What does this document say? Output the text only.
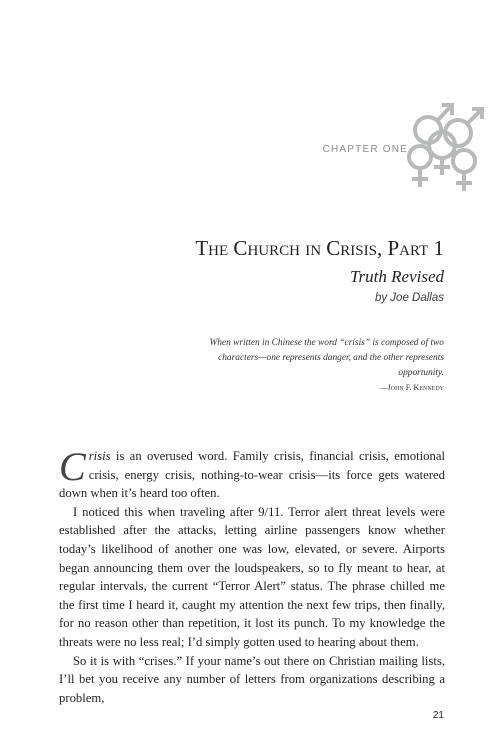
CHAPTER ONE
The Church in Crisis, Part 1
Truth Revised
by Joe Dallas
When written in Chinese the word “crisis” is composed of two characters—one represents danger, and the other represents opportunity.
—John F. Kennedy

Crisis is an overused word. Family crisis, financial crisis, emotional crisis, energy crisis, nothing-to-wear crisis—its force gets watered down when it’s heard too often.

I noticed this when traveling after 9/11. Terror alert threat levels were established after the attacks, letting airline passengers know whether today’s likelihood of another one was low, elevated, or severe. Airports began announcing them over the loudspeakers, so to fly meant to hear, at regular intervals, the current “Terror Alert” status. The phrase chilled me the first time I heard it, caught my attention the next few trips, then finally, for no reason other than repetition, it lost its punch. To my knowledge the threats were no less real; I’d simply gotten used to hearing about them.

So it is with “crises.” If your name’s out there on Christian mailing lists, I’ll bet you receive any number of letters from organizations describing a problem,

21
